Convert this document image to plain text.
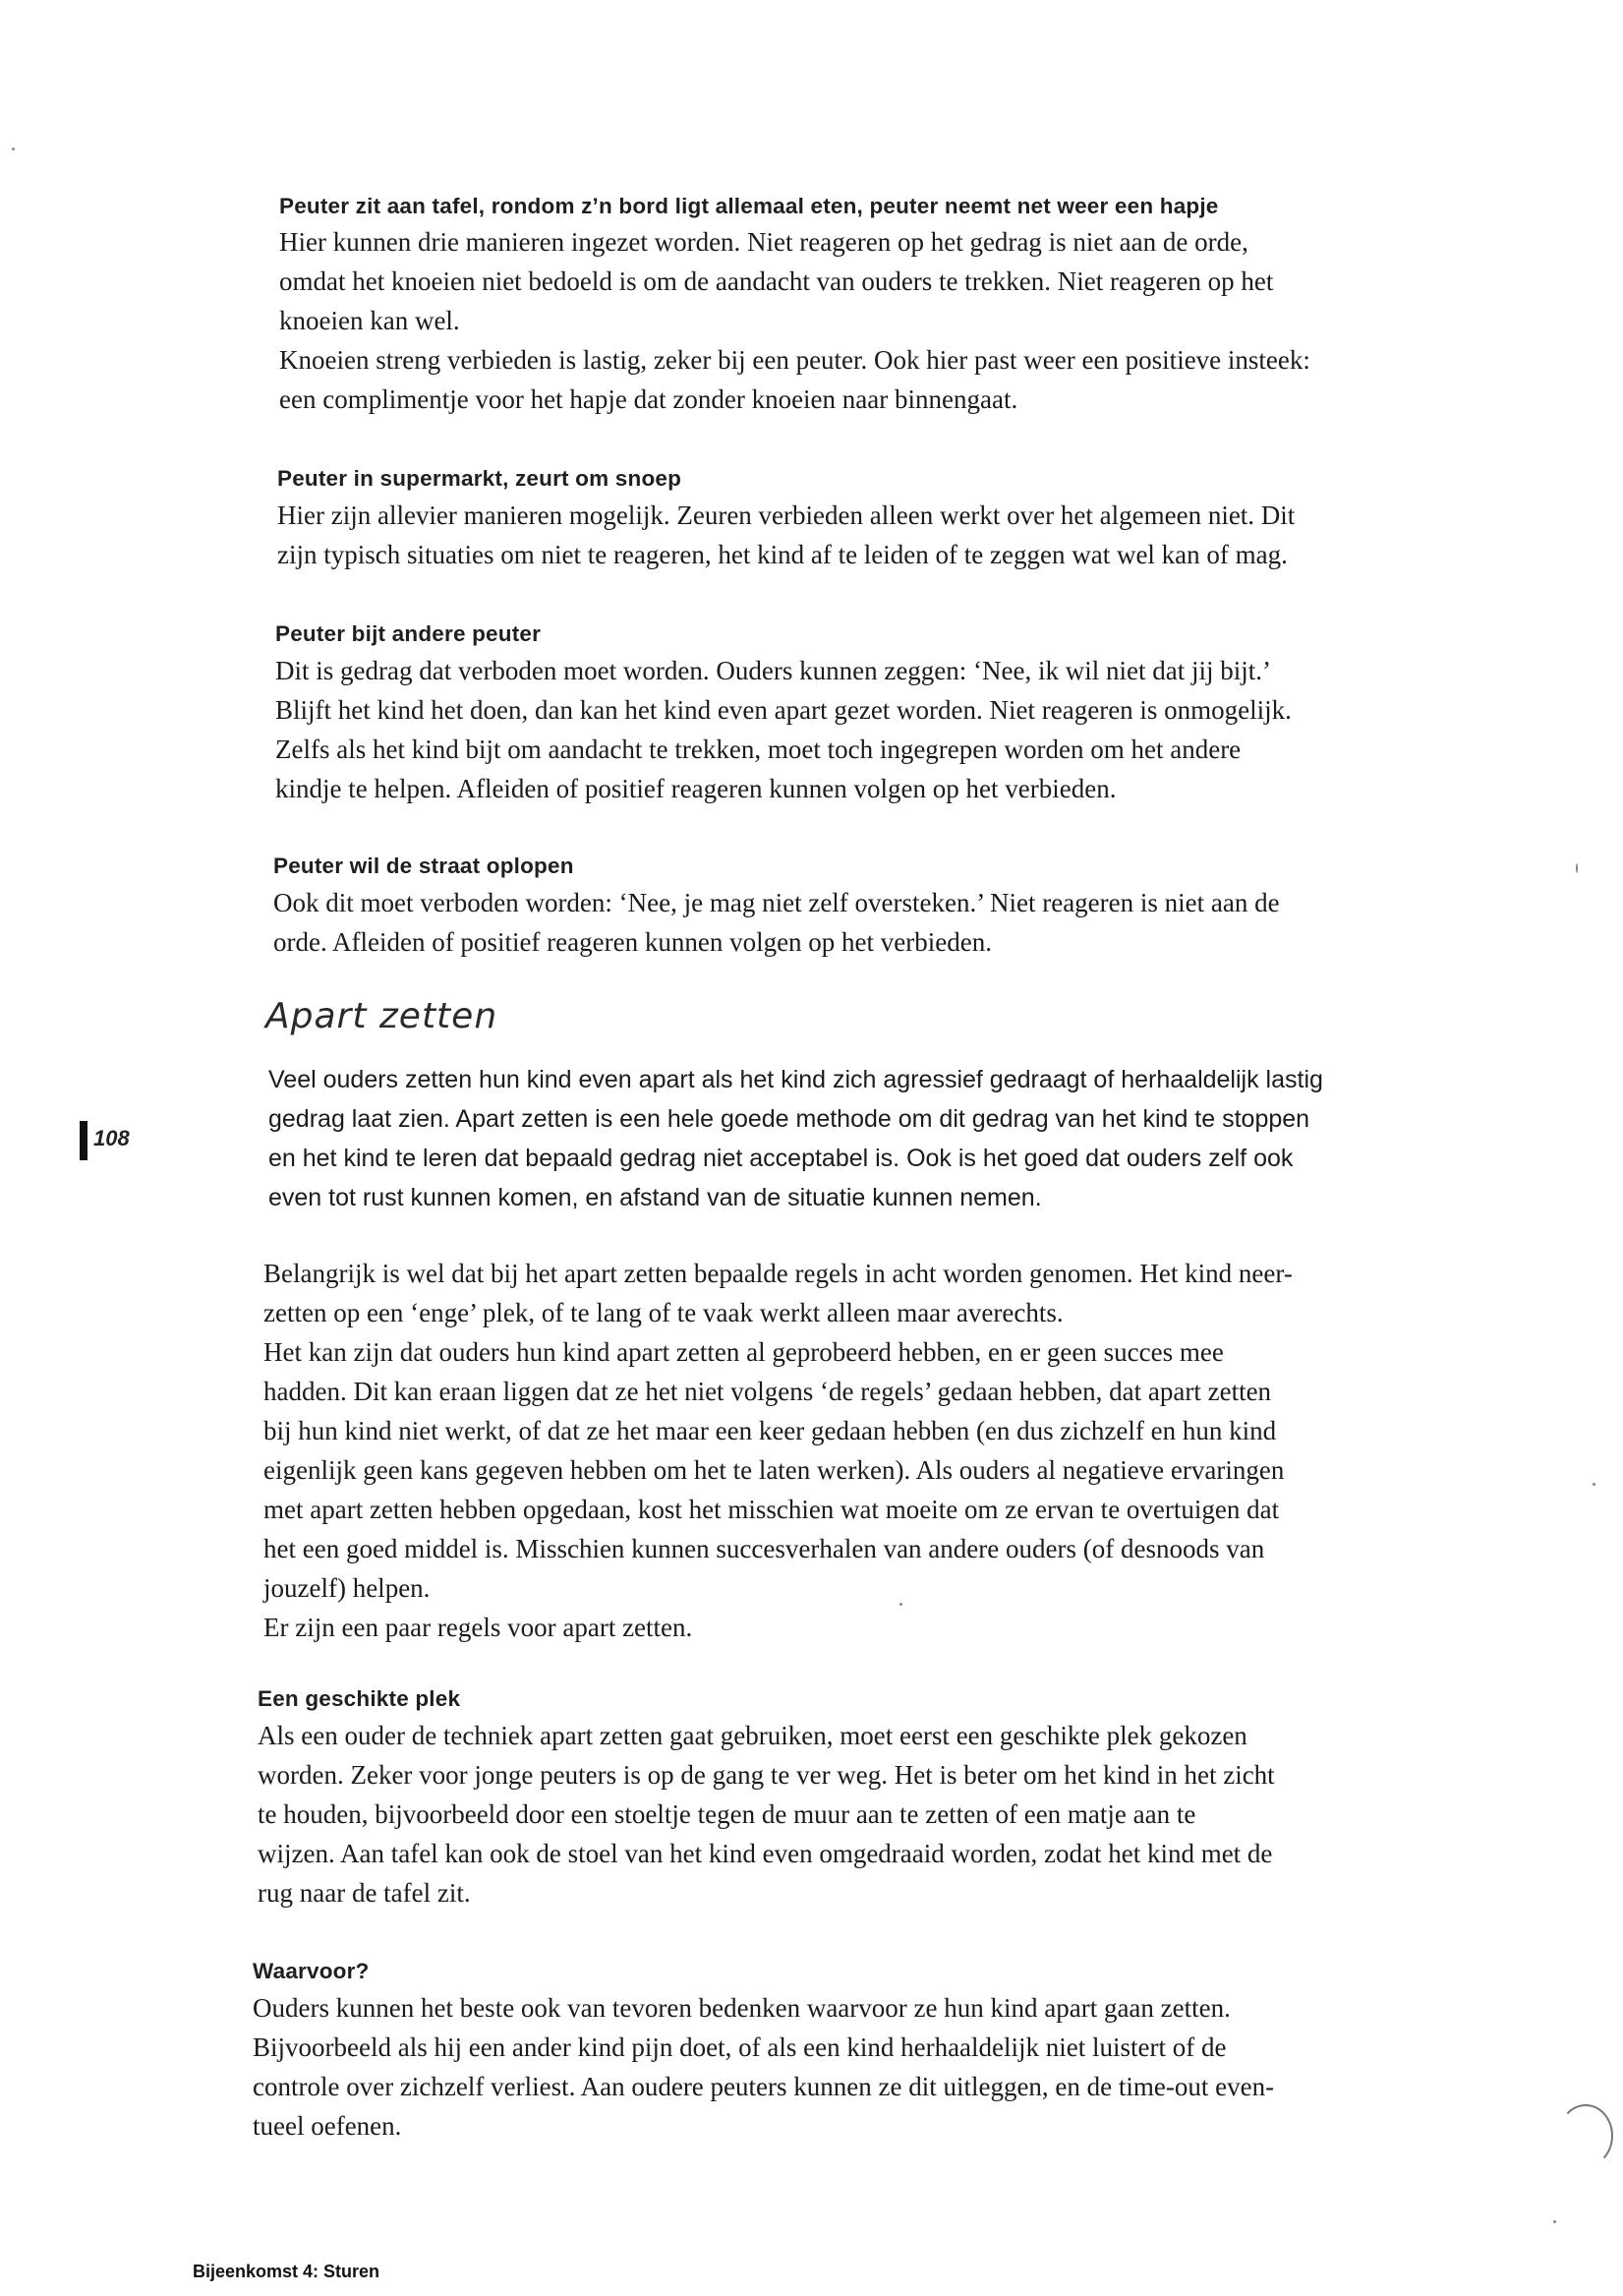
Peuter zit aan tafel, rondom z’n bord ligt allemaal eten, peuter neemt net weer een hapje

Hier kunnen drie manieren ingezet worden. Niet reageren op het gedrag is niet aan de orde,
omdat het knoeien niet bedoeld is om de aandacht van ouders te trekken. Niet reageren op het
knoeien kan wel.
Knoeien streng verbieden is lastig, zeker bij een peuter. Ook hier past weer een positieve insteek:
een complimentje voor het hapje dat zonder knoeien naar binnengaat.

Peuter in supermarkt, zeurt om snoep

Hier zijn allevier manieren mogelijk. Zeuren verbieden alleen werkt over het algemeen niet. Dit
zijn typisch situaties om niet te reageren, het kind af te leiden of te zeggen wat wel kan of mag.

Peuter bijt andere peuter

Dit is gedrag dat verboden moet worden. Ouders kunnen zeggen: ‘Nee, ik wil niet dat jij bijt.’
Blijft het kind het doen, dan kan het kind even apart gezet worden. Niet reageren is onmogelijk.
Zelfs als het kind bijt om aandacht te trekken, moet toch ingegrepen worden om het andere
kindje te helpen. Afleiden of positief reageren kunnen volgen op het verbieden.

Peuter wil de straat oplopen

Ook dit moet verboden worden: ‘Nee, je mag niet zelf oversteken.’ Niet reageren is niet aan de
orde. Afleiden of positief reageren kunnen volgen op het verbieden.

Apart zetten
108

Veel ouders zetten hun kind even apart als het kind zich agressief gedraagt of herhaaldelijk lastig
gedrag laat zien. Apart zetten is een hele goede methode om dit gedrag van het kind te stoppen
en het kind te leren dat bepaald gedrag niet acceptabel is. Ook is het goed dat ouders zelf ook
even tot rust kunnen komen, en afstand van de situatie kunnen nemen.

Belangrijk is wel dat bij het apart zetten bepaalde regels in acht worden genomen. Het kind neer-
zetten op een ‘enge’ plek, of te lang of te vaak werkt alleen maar averechts.
Het kan zijn dat ouders hun kind apart zetten al geprobeerd hebben, en er geen succes mee
hadden. Dit kan eraan liggen dat ze het niet volgens ‘de regels’ gedaan hebben, dat apart zetten
bij hun kind niet werkt, of dat ze het maar een keer gedaan hebben (en dus zichzelf en hun kind
eigenlijk geen kans gegeven hebben om het te laten werken). Als ouders al negatieve ervaringen
met apart zetten hebben opgedaan, kost het misschien wat moeite om ze ervan te overtuigen dat
het een goed middel is. Misschien kunnen succesverhalen van andere ouders (of desnoods van
jouzelf) helpen.
Er zijn een paar regels voor apart zetten.

Een geschikte plek

Als een ouder de techniek apart zetten gaat gebruiken, moet eerst een geschikte plek gekozen
worden. Zeker voor jonge peuters is op de gang te ver weg. Het is beter om het kind in het zicht
te houden, bijvoorbeeld door een stoeltje tegen de muur aan te zetten of een matje aan te
wijzen. Aan tafel kan ook de stoel van het kind even omgedraaid worden, zodat het kind met de
rug naar de tafel zit.

Waarvoor?

Ouders kunnen het beste ook van tevoren bedenken waarvoor ze hun kind apart gaan zetten.
Bijvoorbeeld als hij een ander kind pijn doet, of als een kind herhaaldelijk niet luistert of de
controle over zichzelf verliest. Aan oudere peuters kunnen ze dit uitleggen, en de time-out even-
tueel oefenen.

Bijeenkomst 4: Sturen
